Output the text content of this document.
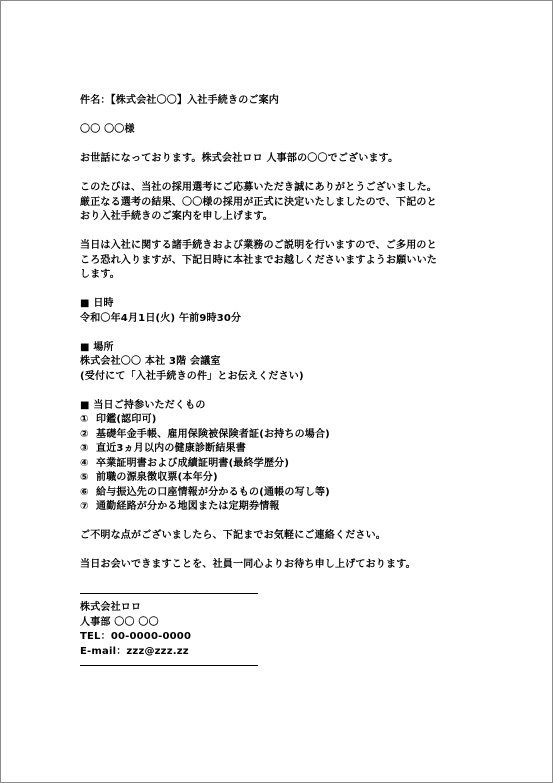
件名：【株式会社〇〇】入社手続きのご案内

〇〇 〇〇様

お世話になっております。株式会社ロロ 人事部の〇〇でございます。

このたびは、当社の採用選考にご応募いただき誠にありがとうございました。

厳正なる選考の結果、〇〇様の採用が正式に決定いたしましたので、下記のと

おり入社手続きのご案内を申し上げます。

当日は入社に関する諸手続きおよび業務のご説明を行いますので、ご多用のと

ころ恐れ入りますが、下記日時に本社までお越しくださいますようお願いいた

します。

■ 日時

令和〇年4月1日(火) 午前9時30分

■ 場所

株式会社〇〇 本社 3階 会議室

(受付にて「入社手続きの件」とお伝えください)

■ 当日ご持参いただくもの

① 印鑑(認印可)
② 基礎年金手帳、雇用保険被保険者証(お持ちの場合)
③ 直近3ヵ月以内の健康診断結果書
④ 卒業証明書および成績証明書(最終学歴分)
⑤ 前職の源泉徴収票(本年分)
⑥ 給与振込先の口座情報が分かるもの(通帳の写し等)
⑦ 通勤経路が分かる地図または定期券情報

ご不明な点がございましたら、下記までお気軽にご連絡ください。

当日お会いできますことを、社員一同心よりお待ち申し上げております。

株式会社ロロ

人事部 〇〇 〇〇

TEL：00-0000-0000

E-mail：zzz@zzz.zz
